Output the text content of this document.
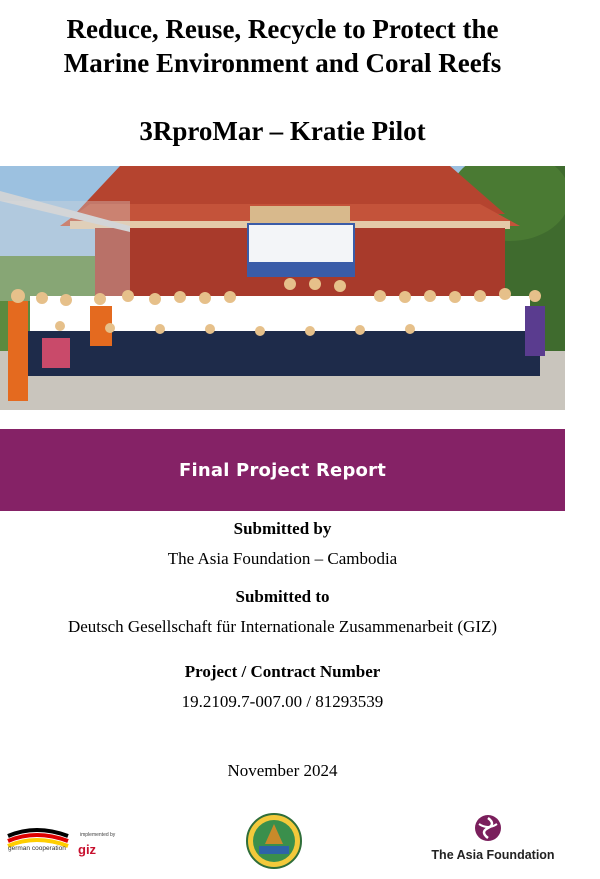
Reduce, Reuse, Recycle to Protect the
Marine Environment and Coral Reefs
3RproMar – Kratie Pilot
Final Project Report

Submitted by

The Asia Foundation – Cambodia

Submitted to

Deutsch Gesellschaft für Internationale Zusammenarbeit (GIZ)

Project / Contract Number

19.2109.7-007.00 / 81293539

November 2024

german cooperation
implemented by
giz	The Asia Foundation
